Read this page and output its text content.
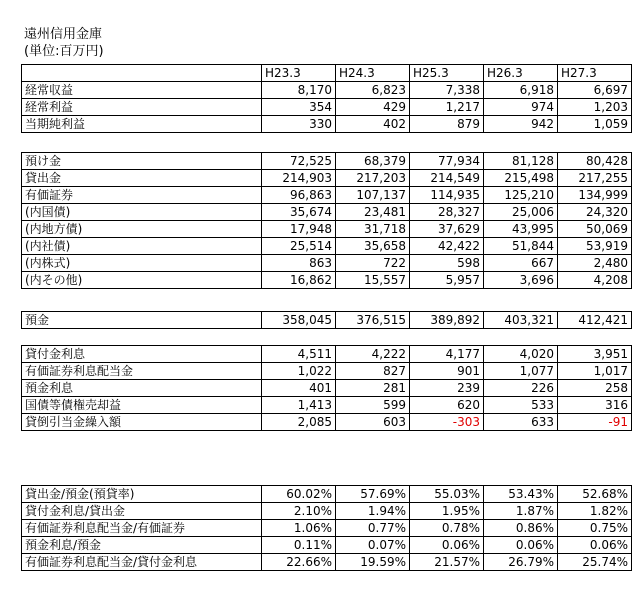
遠州信用金庫
(単位:百万円)
	H23.3	H24.3	H25.3	H26.3	H27.3
経常収益	8,170	6,823	7,338	6,918	6,697
経常利益	354	429	1,217	974	1,203
当期純利益	330	402	879	942	1,059
預け金	72,525	68,379	77,934	81,128	80,428
貸出金	214,903	217,203	214,549	215,498	217,255
有価証券	96,863	107,137	114,935	125,210	134,999
(内国債)	35,674	23,481	28,327	25,006	24,320
(内地方債)	17,948	31,718	37,629	43,995	50,069
(内社債)	25,514	35,658	42,422	51,844	53,919
(内株式)	863	722	598	667	2,480
(内その他)	16,862	15,557	5,957	3,696	4,208
預金	358,045	376,515	389,892	403,321	412,421
貸付金利息	4,511	4,222	4,177	4,020	3,951
有価証券利息配当金	1,022	827	901	1,077	1,017
預金利息	401	281	239	226	258
国債等債権売却益	1,413	599	620	533	316
貸倒引当金繰入額	2,085	603	-303	633	-91
貸出金/預金(預貸率)	60.02%	57.69%	55.03%	53.43%	52.68%
貸付金利息/貸出金	2.10%	1.94%	1.95%	1.87%	1.82%
有価証券利息配当金/有価証券	1.06%	0.77%	0.78%	0.86%	0.75%
預金利息/預金	0.11%	0.07%	0.06%	0.06%	0.06%
有価証券利息配当金/貸付金利息	22.66%	19.59%	21.57%	26.79%	25.74%
